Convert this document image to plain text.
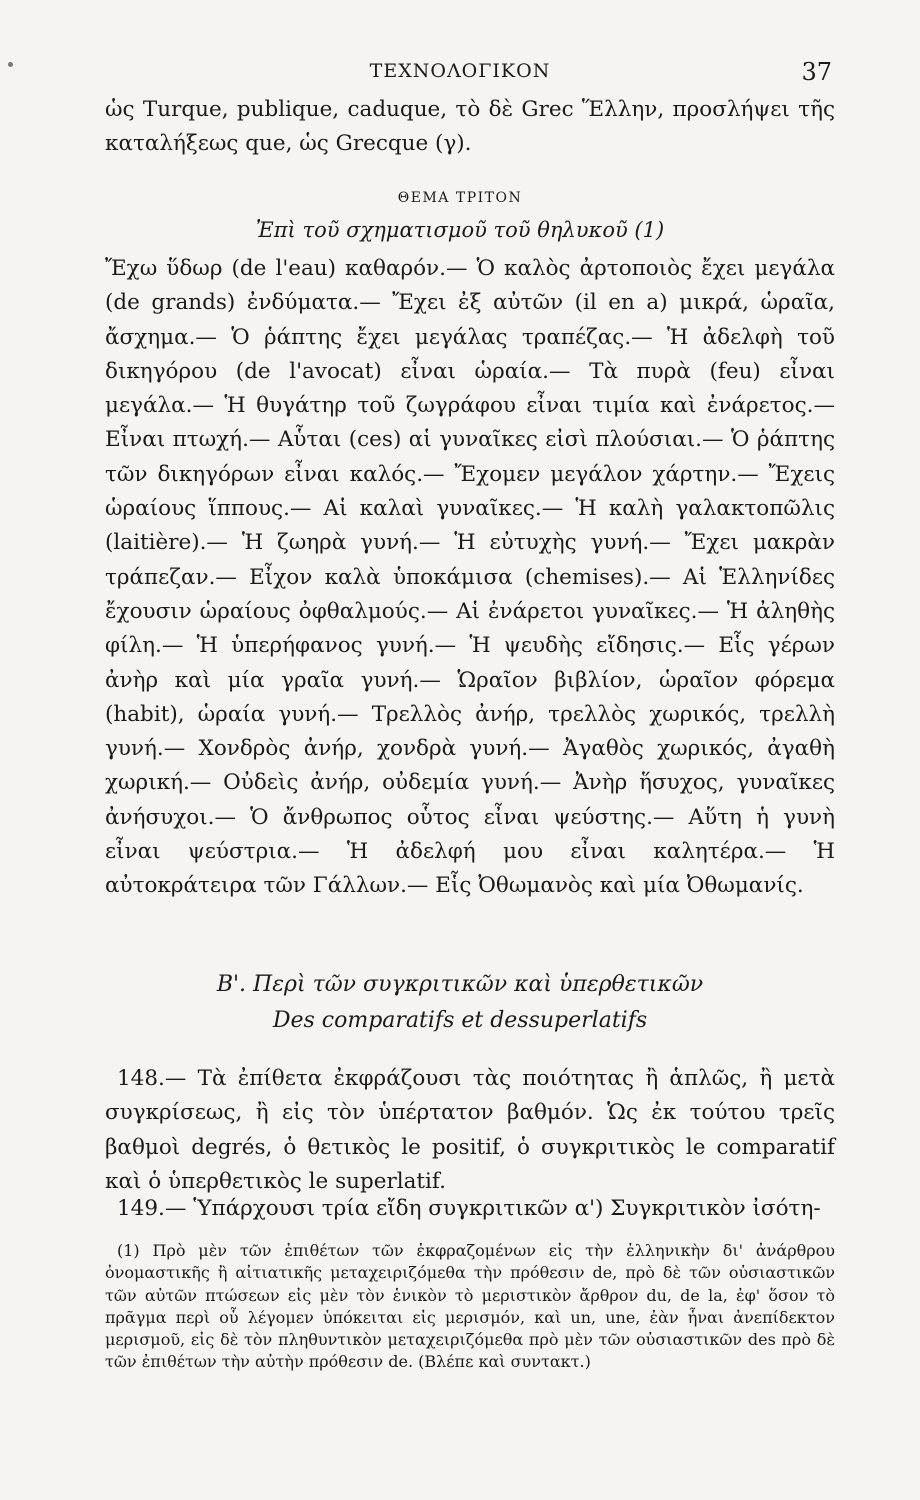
ΤΕΧΝΟΛΟΓΙΚΟΝ	37
ὡς Turque, publique, caduque, τὸ δὲ Grec Ἕλλην, προσλήψει τῆς καταλήξεως que, ὡς Grecque (γ).
ΘΕΜΑ ΤΡΙΤΟΝ
Ἐπὶ τοῦ σχηματισμοῦ τοῦ θηλυκοῦ (1)
Ἔχω ὕδωρ (de l'eau) καθαρόν.— Ὁ καλὸς ἀρτοποιὸς ἔχει μεγάλα (de grands) ἐνδύματα.— Ἔχει ἐξ αὐτῶν (il en a) μικρά, ὡραῖα, ἄσχημα.— Ὁ ῥάπτης ἔχει μεγάλας τραπέζας.— Ἡ ἀδελφὴ τοῦ δικηγόρου (de l'avocat) εἶναι ὡραία.— Τὰ πυρὰ (feu) εἶναι μεγάλα.— Ἡ θυγάτηρ τοῦ ζωγράφου εἶναι τιμία καὶ ἐνάρετος.— Εἶναι πτωχή.— Αὗται (ces) αἱ γυναῖκες εἰσὶ πλούσιαι.— Ὁ ῥάπτης τῶν δικηγόρων εἶναι καλός.— Ἔχομεν μεγάλον χάρτην.— Ἔχεις ὡραίους ἵππους.— Αἱ καλαὶ γυναῖκες.— Ἡ καλὴ γαλακτοπῶλις (laitière).— Ἡ ζωηρὰ γυνή.— Ἡ εὐτυχὴς γυνή.— Ἔχει μακρὰν τράπεζαν.— Εἶχον καλὰ ὑποκάμισα (chemises).— Αἱ Ἑλληνίδες ἔχουσιν ὡραίους ὀφθαλμούς.— Αἱ ἐνάρετοι γυναῖκες.— Ἡ ἀληθὴς φίλη.— Ἡ ὑπερήφανος γυνή.— Ἡ ψευδὴς εἴδησις.— Εἷς γέρων ἀνὴρ καὶ μία γραῖα γυνή.— Ὡραῖον βιβλίον, ὡραῖον φόρεμα (habit), ὡραία γυνή.— Τρελλὸς ἀνήρ, τρελλὸς χωρικός, τρελλὴ γυνή.— Χονδρὸς ἀνήρ, χονδρὰ γυνή.— Ἀγαθὸς χωρικός, ἀγαθὴ χωρική.— Οὐδεὶς ἀνήρ, οὐδεμία γυνή.— Ἀνὴρ ἥσυχος, γυναῖκες ἀνήσυχοι.— Ὁ ἄνθρωπος οὗτος εἶναι ψεύστης.— Αὕτη ἡ γυνὴ εἶναι ψεύστρια.— Ἡ ἀδελφή μου εἶναι καλητέρα.— Ἡ αὐτοκράτειρα τῶν Γάλλων.— Εἷς Ὀθωμανὸς καὶ μία Ὀθωμανίς.
Β'. Περὶ τῶν συγκριτικῶν καὶ ὑπερθετικῶν
Des comparatifs et dessuperlatifs
148.— Τὰ ἐπίθετα ἐκφράζουσι τὰς ποιότητας ἢ ἁπλῶς, ἢ μετὰ συγκρίσεως, ἢ εἰς τὸν ὑπέρτατον βαθμόν. Ὡς ἐκ τούτου τρεῖς βαθμοὶ degrés, ὁ θετικὸς le positif, ὁ συγκριτικὸς le comparatif καὶ ὁ ὑπερθετικὸς le superlatif.
149.— Ὑπάρχουσι τρία εἴδη συγκριτικῶν α') Συγκριτικὸν ἰσότη-
(1) Πρὸ μὲν τῶν ἐπιθέτων τῶν ἐκφραζομένων εἰς τὴν ἑλληνικὴν δι' ἀνάρθρου ὀνομαστικῆς ἢ αἰτιατικῆς μεταχειριζόμεθα τὴν πρόθεσιν de, πρὸ δὲ τῶν οὐσιαστικῶν τῶν αὐτῶν πτώσεων εἰς μὲν τὸν ἑνικὸν τὸ μεριστικὸν ἄρθρον du, de la, ἐφ' ὅσον τὸ πρᾶγμα περὶ οὗ λέγομεν ὑπόκειται εἰς μερισμόν, καὶ un, une, ἐὰν ἦναι ἀνεπίδεκτον μερισμοῦ, εἰς δὲ τὸν πληθυντικὸν μεταχειριζόμεθα πρὸ μὲν τῶν οὐσιαστικῶν des πρὸ δὲ τῶν ἐπιθέτων τὴν αὐτὴν πρόθεσιν de. (Βλέπε καὶ συντακτ.)
